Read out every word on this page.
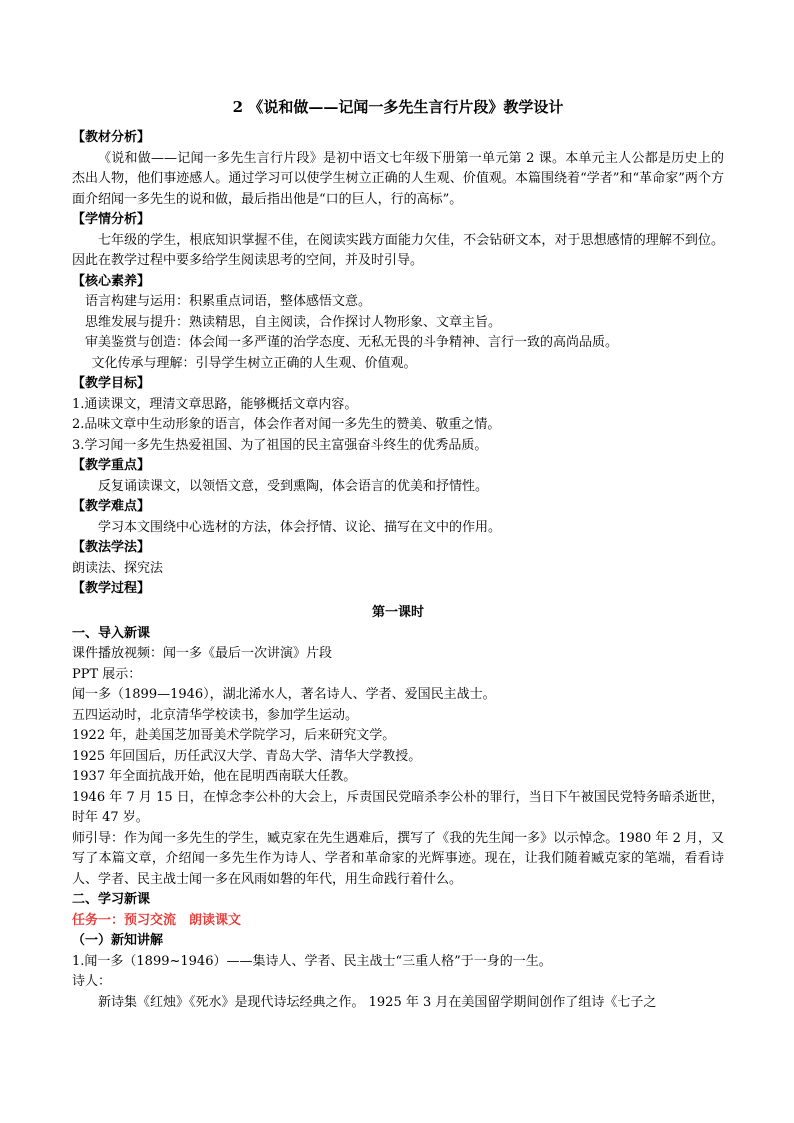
2 《说和做——记闻一多先生言行片段》教学设计
【教材分析】
《说和做——记闻一多先生言行片段》是初中语文七年级下册第一单元第 2 课。本单元主人公都是历史上的杰出人物，他们事迹感人。通过学习可以使学生树立正确的人生观、价值观。本篇围绕着“学者”和“革命家”两个方面介绍闻一多先生的说和做，最后指出他是“口的巨人，行的高标”。
【学情分析】
七年级的学生，根底知识掌握不佳，在阅读实践方面能力欠佳，不会钻研文本，对于思想感情的理解不到位。因此在教学过程中要多给学生阅读思考的空间，并及时引导。
【核心素养】
语言构建与运用：积累重点词语，整体感悟文意。
思维发展与提升：熟读精思，自主阅读，合作探讨人物形象、文章主旨。
审美鉴赏与创造：体会闻一多严谨的治学态度、无私无畏的斗争精神、言行一致的高尚品质。
文化传承与理解：引导学生树立正确的人生观、价值观。
【教学目标】
1.通读课文，理清文章思路，能够概括文章内容。
2.品味文章中生动形象的语言，体会作者对闻一多先生的赞美、敬重之情。
3.学习闻一多先生热爱祖国、为了祖国的民主富强奋斗终生的优秀品质。
【教学重点】
反复诵读课文，以领悟文意，受到熏陶，体会语言的优美和抒情性。
【教学难点】
学习本文围绕中心选材的方法，体会抒情、议论、描写在文中的作用。
【教法学法】
朗读法、探究法
【教学过程】
第一课时
一、导入新课
课件播放视频：闻一多《最后一次讲演》片段
PPT 展示：
闻一多（1899—1946），湖北浠水人，著名诗人、学者、爱国民主战士。
五四运动时，北京清华学校读书，参加学生运动。
1922 年，赴美国芝加哥美术学院学习，后来研究文学。
1925 年回国后，历任武汉大学、青岛大学、清华大学教授。
1937 年全面抗战开始，他在昆明西南联大任教。
1946 年 7 月 15 日，在悼念李公朴的大会上，斥责国民党暗杀李公朴的罪行，当日下午被国民党特务暗杀逝世，时年 47 岁。
师引导：作为闻一多先生的学生，臧克家在先生遇难后，撰写了《我的先生闻一多》以示悼念。1980 年 2 月，又写了本篇文章，介绍闻一多先生作为诗人、学者和革命家的光辉事迹。现在，让我们随着臧克家的笔端，看看诗人、学者、民主战士闻一多在风雨如磐的年代，用生命践行着什么。
二、学习新课
任务一：预习交流 朗读课文
（一）新知讲解
1.闻一多（1899~1946）——集诗人、学者、民主战士“三重人格”于一身的一生。
诗人：
新诗集《红烛》《死水》是现代诗坛经典之作。 1925 年 3 月在美国留学期间创作了组诗《七子之
